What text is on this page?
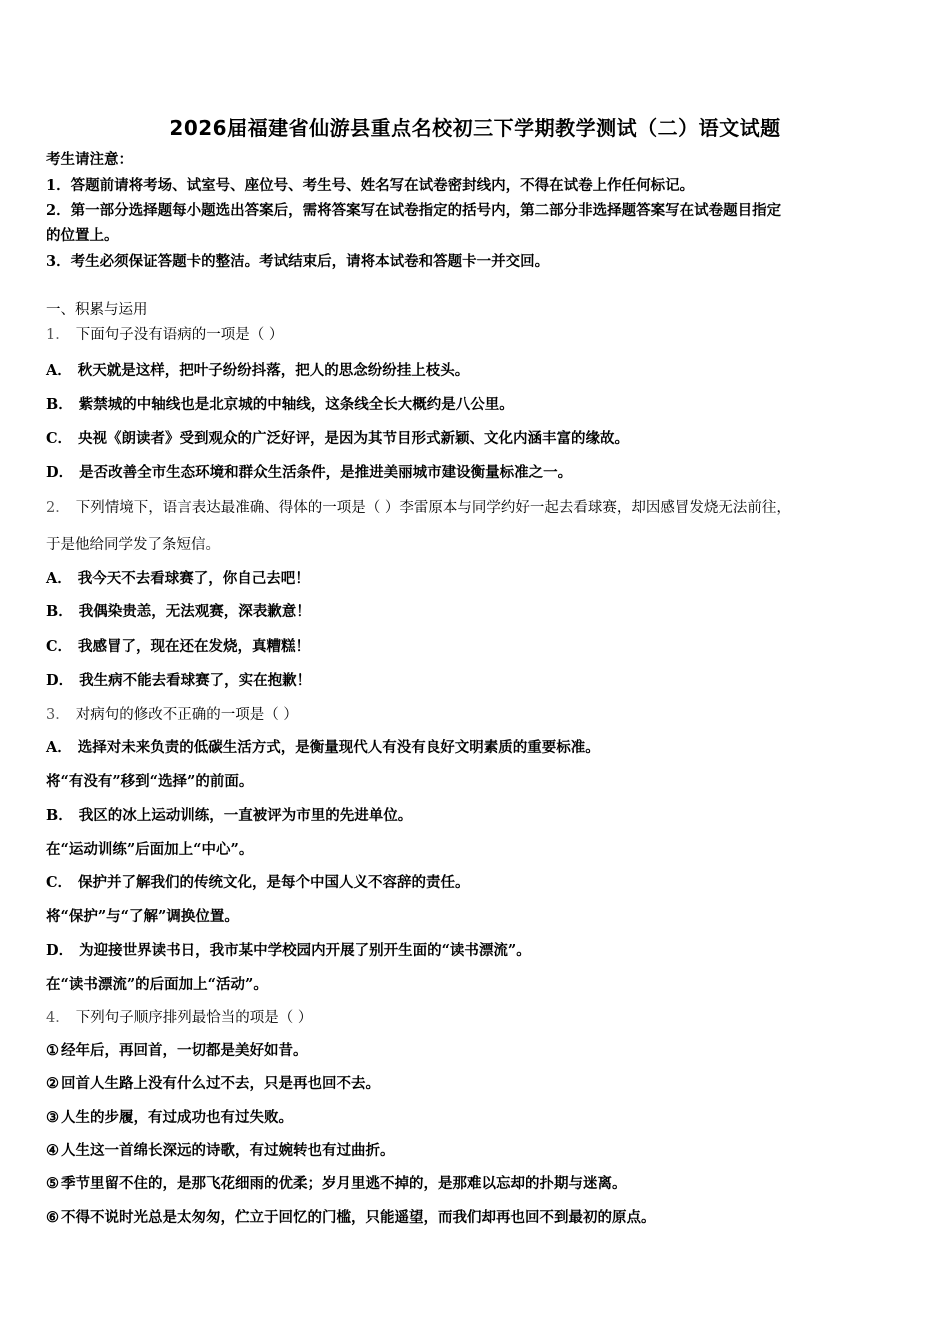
2026届福建省仙游县重点名校初三下学期教学测试（二）语文试题
考生请注意：
1．答题前请将考场、试室号、座位号、考生号、姓名写在试卷密封线内，不得在试卷上作任何标记。
2．第一部分选择题每小题选出答案后，需将答案写在试卷指定的括号内，第二部分非选择题答案写在试卷题目指定
的位置上。
3．考生必须保证答题卡的整洁。考试结束后，请将本试卷和答题卡一并交回。
一、积累与运用
1． 下面句子没有语病的一项是（ ）
A． 秋天就是这样，把叶子纷纷抖落，把人的思念纷纷挂上枝头。
B． 紫禁城的中轴线也是北京城的中轴线，这条线全长大概约是八公里。
C． 央视《朗读者》受到观众的广泛好评，是因为其节目形式新颖、文化内涵丰富的缘故。
D． 是否改善全市生态环境和群众生活条件，是推进美丽城市建设衡量标准之一。
2． 下列情境下，语言表达最准确、得体的一项是（ ）李雷原本与同学约好一起去看球赛，却因感冒发烧无法前往，
于是他给同学发了条短信。
A． 我今天不去看球赛了，你自己去吧！
B． 我偶染贵恙，无法观赛，深表歉意！
C． 我感冒了，现在还在发烧，真糟糕！
D． 我生病不能去看球赛了，实在抱歉！
3． 对病句的修改不正确的一项是（ ）
A． 选择对未来负责的低碳生活方式，是衡量现代人有没有良好文明素质的重要标准。
将“有没有”移到“选择”的前面。
B． 我区的冰上运动训练，一直被评为市里的先进单位。
在“运动训练”后面加上“中心”。
C． 保护并了解我们的传统文化，是每个中国人义不容辞的责任。
将“保护”与“了解”调换位置。
D． 为迎接世界读书日，我市某中学校园内开展了别开生面的“读书漂流”。
在“读书漂流”的后面加上“活动”。
4． 下列句子顺序排列最恰当的项是（ ）
① 经年后，再回首，一切都是美好如昔。
② 回首人生路上没有什么过不去，只是再也回不去。
③ 人生的步履，有过成功也有过失败。
④ 人生这一首绵长深远的诗歌，有过婉转也有过曲折。
⑤ 季节里留不住的，是那飞花细雨的优柔；岁月里逃不掉的，是那难以忘却的扑期与迷离。
⑥ 不得不说时光总是太匆匆，伫立于回忆的门槛，只能遥望，而我们却再也回不到最初的原点。
